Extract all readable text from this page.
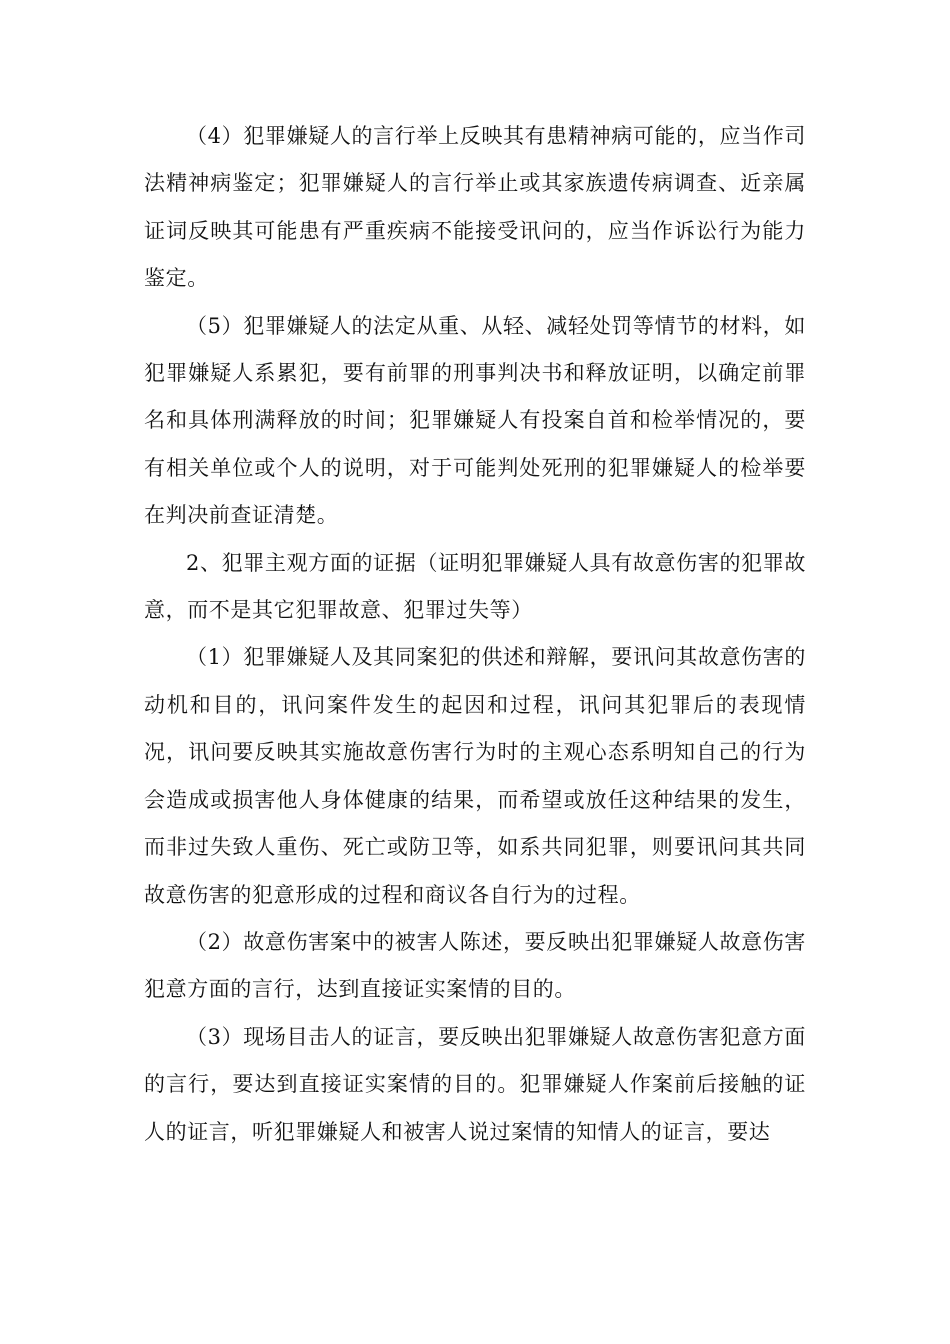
（4）犯罪嫌疑人的言行举上反映其有患精神病可能的，应当作司法精神病鉴定；犯罪嫌疑人的言行举止或其家族遗传病调查、近亲属证词反映其可能患有严重疾病不能接受讯问的，应当作诉讼行为能力鉴定。

（5）犯罪嫌疑人的法定从重、从轻、减轻处罚等情节的材料，如犯罪嫌疑人系累犯，要有前罪的刑事判决书和释放证明，以确定前罪名和具体刑满释放的时间；犯罪嫌疑人有投案自首和检举情况的，要有相关单位或个人的说明，对于可能判处死刑的犯罪嫌疑人的检举要在判决前查证清楚。

2、犯罪主观方面的证据（证明犯罪嫌疑人具有故意伤害的犯罪故意，而不是其它犯罪故意、犯罪过失等）

（1）犯罪嫌疑人及其同案犯的供述和辩解，要讯问其故意伤害的动机和目的，讯问案件发生的起因和过程，讯问其犯罪后的表现情况，讯问要反映其实施故意伤害行为时的主观心态系明知自己的行为会造成或损害他人身体健康的结果，而希望或放任这种结果的发生，而非过失致人重伤、死亡或防卫等，如系共同犯罪，则要讯问其共同故意伤害的犯意形成的过程和商议各自行为的过程。

（2）故意伤害案中的被害人陈述，要反映出犯罪嫌疑人故意伤害犯意方面的言行，达到直接证实案情的目的。

（3）现场目击人的证言，要反映出犯罪嫌疑人故意伤害犯意方面的言行，要达到直接证实案情的目的。犯罪嫌疑人作案前后接触的证人的证言，听犯罪嫌疑人和被害人说过案情的知情人的证言，要达
